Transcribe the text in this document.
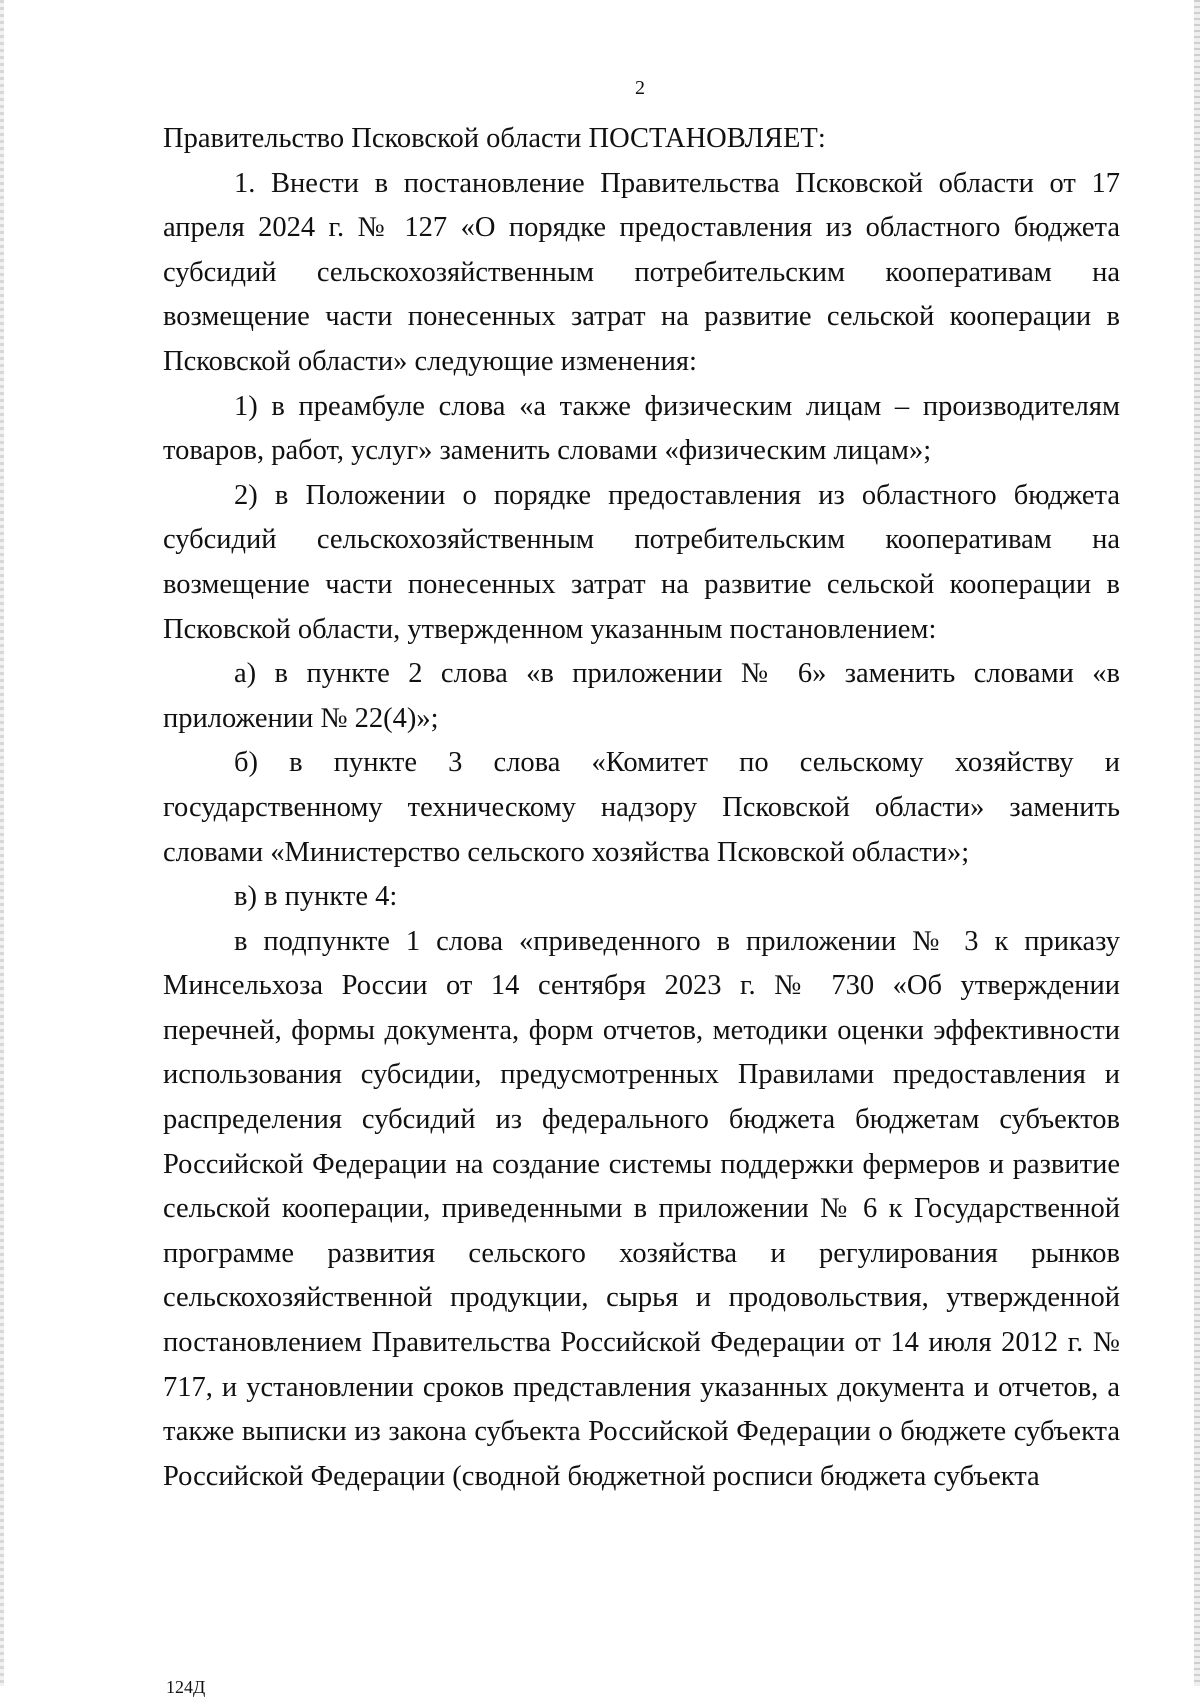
2

Правительство Псковской области ПОСТАНОВЛЯЕТ:

1. Внести в постановление Правительства Псковской области от 17 апреля 2024 г. № 127 «О порядке предоставления из областного бюджета субсидий сельскохозяйственным потребительским кооперативам на возмещение части понесенных затрат на развитие сельской кооперации в Псковской области» следующие изменения:

1) в преамбуле слова «а также физическим лицам – производителям товаров, работ, услуг» заменить словами «физическим лицам»;

2) в Положении о порядке предоставления из областного бюджета субсидий сельскохозяйственным потребительским кооперативам на возмещение части понесенных затрат на развитие сельской кооперации в Псковской области, утвержденном указанным постановлением:

а) в пункте 2 слова «в приложении № 6» заменить словами «в приложении № 22(4)»;

б) в пункте 3 слова «Комитет по сельскому хозяйству и государственному техническому надзору Псковской области» заменить словами «Министерство сельского хозяйства Псковской области»;

в) в пункте 4:

в подпункте 1 слова «приведенного в приложении № 3 к приказу Минсельхоза России от 14 сентября 2023 г. № 730 «Об утверждении перечней, формы документа, форм отчетов, методики оценки эффективности использования субсидии, предусмотренных Правилами предоставления и распределения субсидий из федерального бюджета бюджетам субъектов Российской Федерации на создание системы поддержки фермеров и развитие сельской кооперации, приведенными в приложении № 6 к Государственной программе развития сельского хозяйства и регулирования рынков сельскохозяйственной продукции, сырья и продовольствия, утвержденной постановлением Правительства Российской Федерации от 14 июля 2012 г. № 717, и установлении сроков представления указанных документа и отчетов, а также выписки из закона субъекта Российской Федерации о бюджете субъекта Российской Федерации (сводной бюджетной росписи бюджета субъекта

124Д
